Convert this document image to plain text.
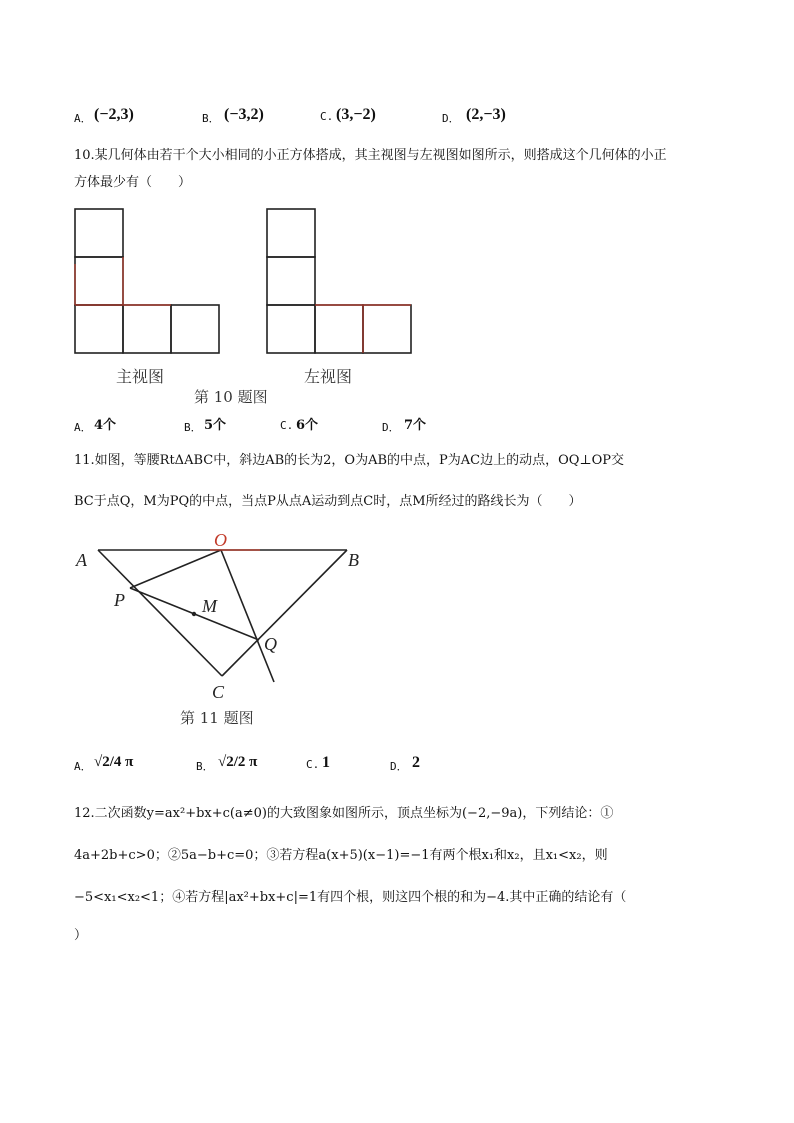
A． (−2,3)	B． (−3,2)	C. (3,−2)	D． (2,−3)
10.某几何体由若干个大小相同的小正方体搭成，其主视图与左视图如图所示，则搭成这个几何体的小正
方体最少有（　　）
主视图	左视图
第 10 题图
A． 4个	B． 5个	C. 6个	D． 7个
11.如图，等腰RtΔABC中，斜边AB的长为2，O为AB的中点，P为AC边上的动点，OQ⊥OP交
BC于点Q，M为PQ的中点，当点P从点A运动到点C时，点M所经过的路线长为（　　）
A	B
O
P	M
Q
C
第 11 题图
A． √2/4 π	B． √2/2 π	C. 1	D． 2
12.二次函数y=ax²+bx+c(a≠0)的大致图象如图所示，顶点坐标为(−2,−9a)，下列结论：①
4a+2b+c>0；②5a−b+c=0；③若方程a(x+5)(x−1)=−1有两个根x₁和x₂，且x₁<x₂，则
−5<x₁<x₂<1；④若方程|ax²+bx+c|=1有四个根，则这四个根的和为−4.其中正确的结论有（
）
